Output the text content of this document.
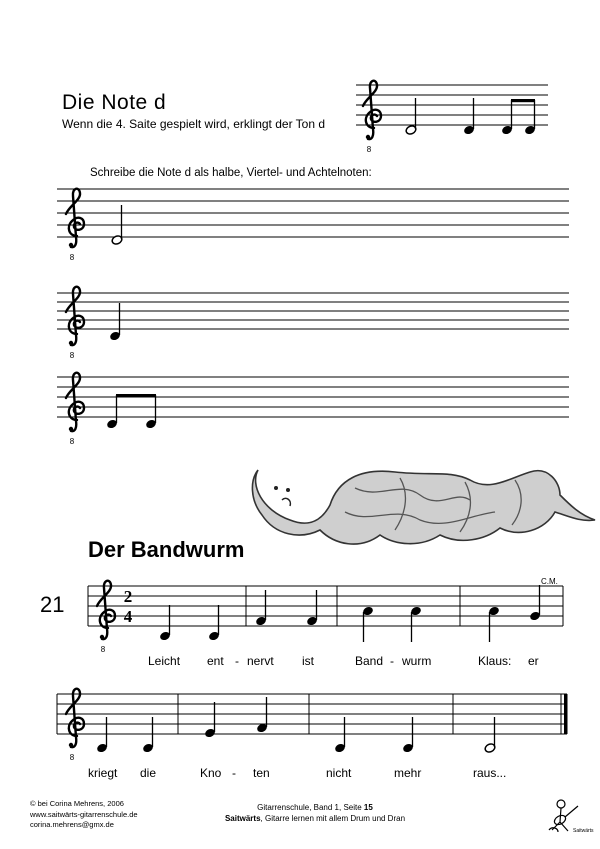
Die Note d
Wenn die 4. Saite gespielt wird, erklingt der Ton d
Schreibe die Note d als halbe, Viertel- und Achtelnoten:
Der Bandwurm
21
C.M.
Leicht ent - nervt ist	Band - wurm	Klaus: er
kriegt die	Kno - ten	nicht	mehr	raus...
© bei Corina Mehrens, 2006
www.saitwärts-gitarrenschule.de
corina.mehrens@gmx.de
Gitarrenschule, Band 1, Seite 15
Saitwärts, Gitarre lernen mit allem Drum und Dran
2
4
Saitwärts
